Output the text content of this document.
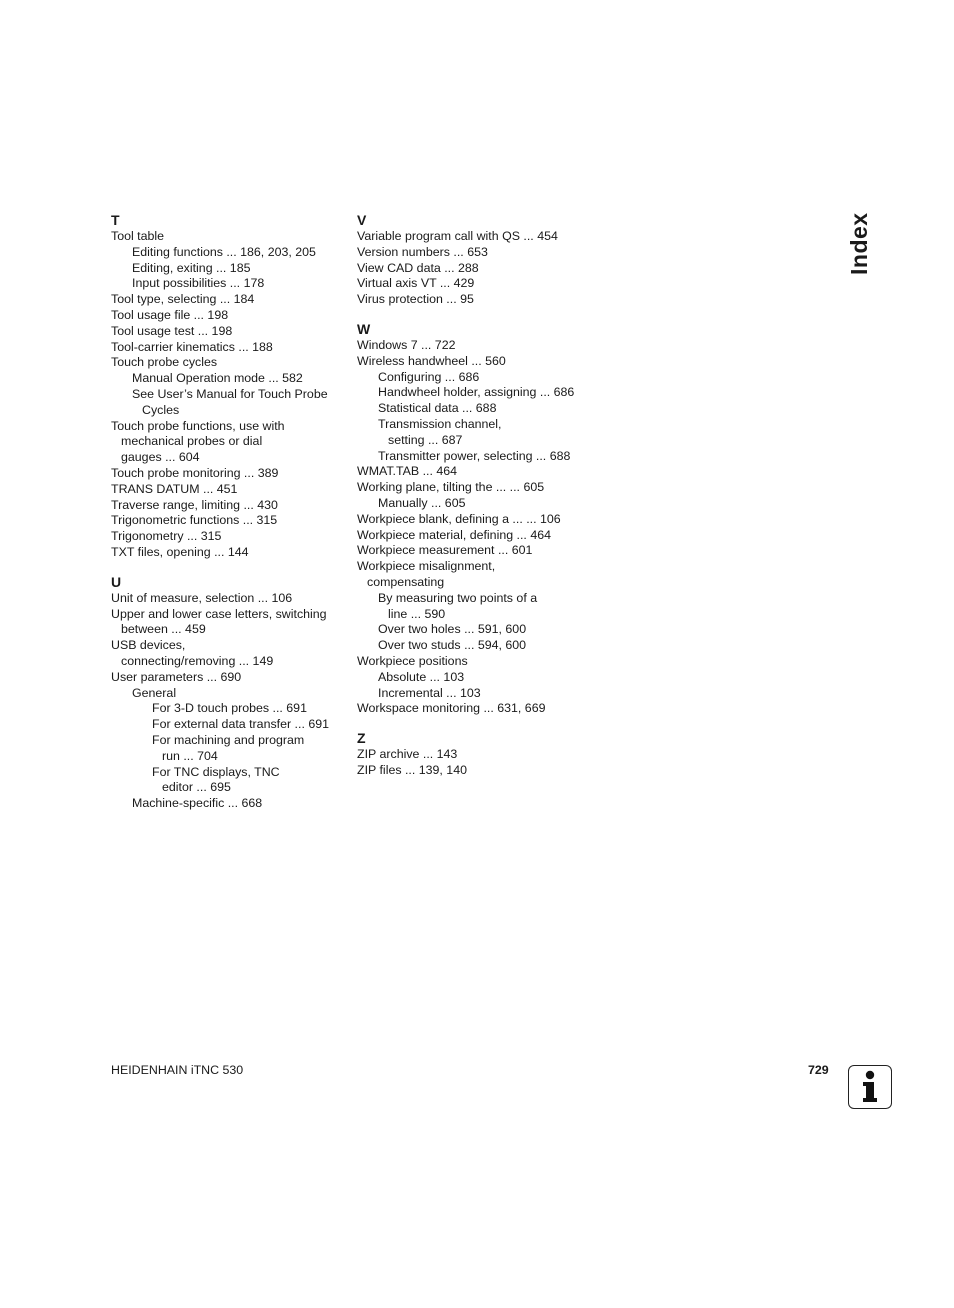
T
Tool table
Editing functions ... 186, 203, 205
Editing, exiting ... 185
Input possibilities ... 178
Tool type, selecting ... 184
Tool usage file ... 198
Tool usage test ... 198
Tool-carrier kinematics ... 188
Touch probe cycles
Manual Operation mode ... 582
See User’s Manual for Touch Probe
Cycles
Touch probe functions, use with
mechanical probes or dial
gauges ... 604
Touch probe monitoring ... 389
TRANS DATUM ... 451
Traverse range, limiting ... 430
Trigonometric functions ... 315
Trigonometry ... 315
TXT files, opening ... 144
U
Unit of measure, selection ... 106
Upper and lower case letters, switching
between ... 459
USB devices,
connecting/removing ... 149
User parameters ... 690
General
For 3-D touch probes ... 691
For external data transfer ... 691
For machining and program
run ... 704
For TNC displays, TNC
editor ... 695
Machine-specific ... 668
V
Variable program call with QS ... 454
Version numbers ... 653
View CAD data ... 288
Virtual axis VT ... 429
Virus protection ... 95
W
Windows 7 ... 722
Wireless handwheel ... 560
Configuring ... 686
Handwheel holder, assigning ... 686
Statistical data ... 688
Transmission channel,
setting ... 687
Transmitter power, selecting ... 688
WMAT.TAB ... 464
Working plane, tilting the ... ... 605
Manually ... 605
Workpiece blank, defining a ... ... 106
Workpiece material, defining ... 464
Workpiece measurement ... 601
Workpiece misalignment,
compensating
By measuring two points of a
line ... 590
Over two holes ... 591, 600
Over two studs ... 594, 600
Workpiece positions
Absolute ... 103
Incremental ... 103
Workspace monitoring ... 631, 669
Z
ZIP archive ... 143
ZIP files ... 139, 140
Index
HEIDENHAIN iTNC 530	729
